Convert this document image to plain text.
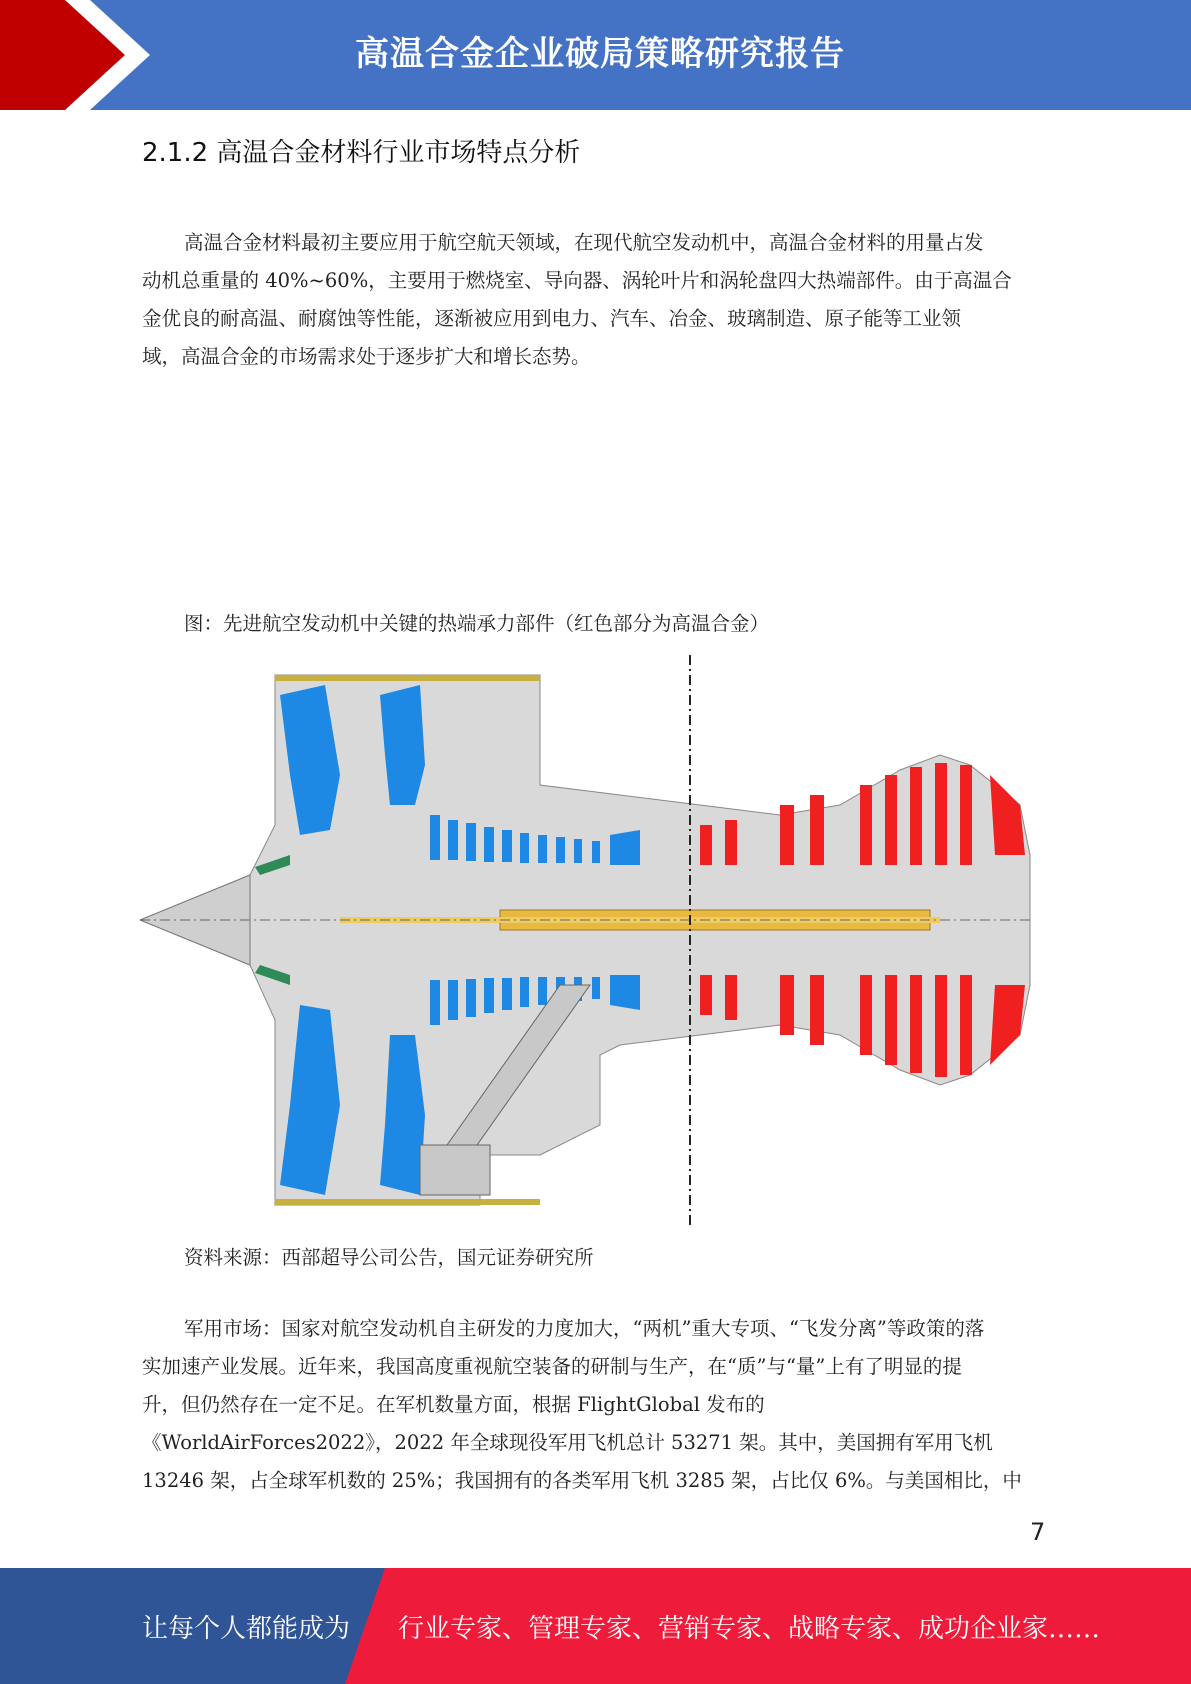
高温合金企业破局策略研究报告
2.1.2 高温合金材料行业市场特点分析
高温合金材料最初主要应用于航空航天领域，在现代航空发动机中，高温合金材料的用量占发
动机总重量的 40%~60%，主要用于燃烧室、导向器、涡轮叶片和涡轮盘四大热端部件。由于高温合
金优良的耐高温、耐腐蚀等性能，逐渐被应用到电力、汽车、冶金、玻璃制造、原子能等工业领
域，高温合金的市场需求处于逐步扩大和增长态势。
图：先进航空发动机中关键的热端承力部件（红色部分为高温合金）
资料来源：西部超导公司公告，国元证券研究所
军用市场：国家对航空发动机自主研发的力度加大，“两机”重大专项、“飞发分离”等政策的落
实加速产业发展。近年来，我国高度重视航空装备的研制与生产，在“质”与“量”上有了明显的提
升，但仍然存在一定不足。在军机数量方面，根据 FlightGlobal 发布的
《WorldAirForces2022》，2022 年全球现役军用飞机总计 53271 架。其中，美国拥有军用飞机
13246 架，占全球军机数的 25%；我国拥有的各类军用飞机 3285 架，占比仅 6%。与美国相比，中
7
让每个人都能成为 行业专家、管理专家、营销专家、战略专家、成功企业家……
